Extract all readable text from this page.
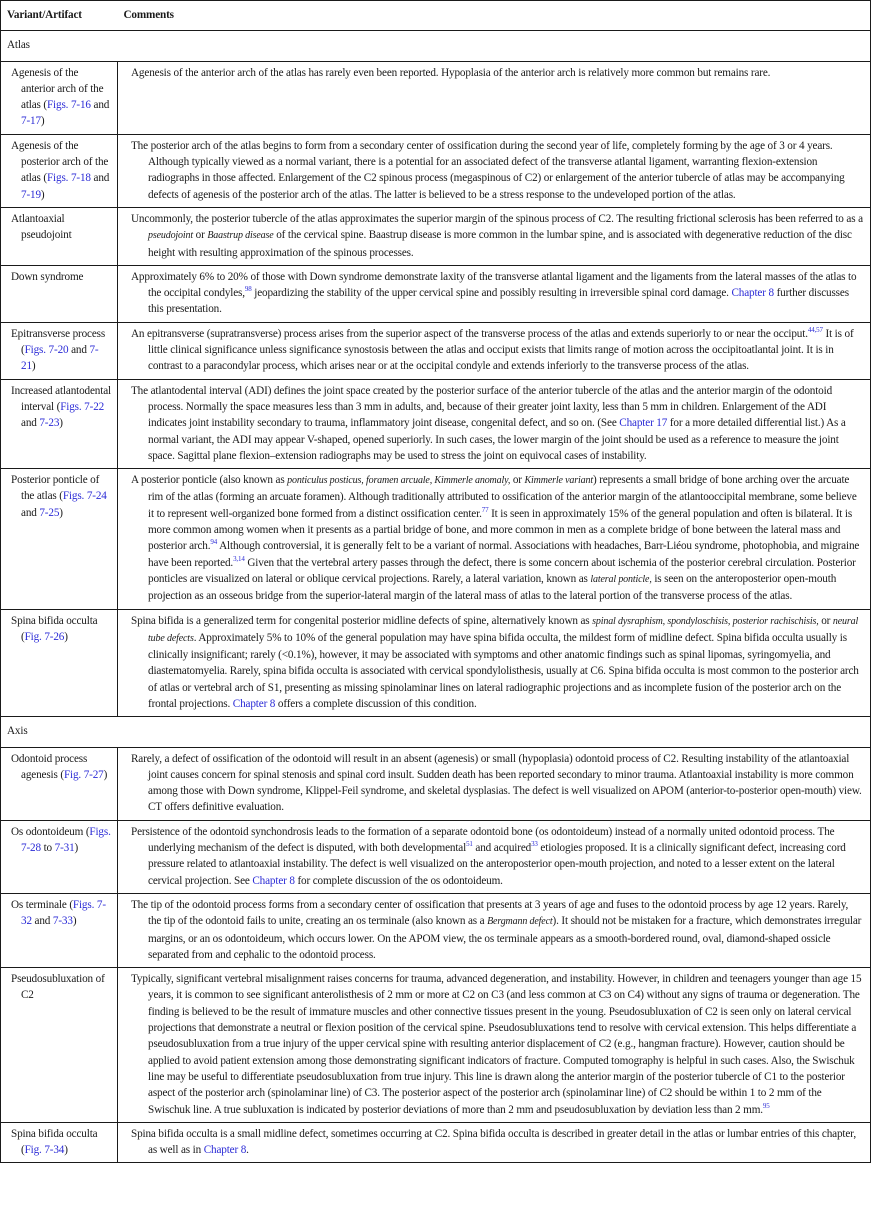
Variant/Artifact	Comments
Atlas	

Agenesis of the anterior arch of the atlas (Figs. 7-16 and 7-17)	Agenesis of the anterior arch of the atlas has rarely even been reported. Hypoplasia of the anterior arch is relatively more common but remains rare.

Agenesis of the posterior arch of the atlas (Figs. 7-18 and 7-19)	The posterior arch of the atlas begins to form from a secondary center of ossification during the second year of life, completely forming by the age of 3 or 4 years. Although typically viewed as a normal variant, there is a potential for an associated defect of the transverse atlantal ligament, warranting flexion-extension radiographs in those affected. Enlargement of the C2 spinous process (megaspinous of C2) or enlargement of the anterior tubercle of atlas may be accompanying defects of agenesis of the posterior arch of the atlas. The latter is believed to be a stress response to the undeveloped portion of the atlas.

Atlantoaxial pseudojoint	Uncommonly, the posterior tubercle of the atlas approximates the superior margin of the spinous process of C2. The resulting frictional sclerosis has been referred to as a pseudojoint or Baastrup disease of the cervical spine. Baastrup disease is more common in the lumbar spine, and is associated with degenerative reduction of the disc height with resulting approximation of the spinous processes.

Down syndrome	Approximately 6% to 20% of those with Down syndrome demonstrate laxity of the transverse atlantal ligament and the ligaments from the lateral masses of the atlas to the occipital condyles,$^{98}$ jeopardizing the stability of the upper cervical spine and possibly resulting in irreversible spinal cord damage. Chapter 8 further discusses this presentation.

Epitransverse process (Figs. 7-20 and 7-21)	An epitransverse (supratransverse) process arises from the superior aspect of the transverse process of the atlas and extends superiorly to or near the occiput.$^{44,57}$ It is of little clinical significance unless significance synostosis between the atlas and occiput exists that limits range of motion across the occipitoatlantal joint. It is in contrast to a paracondylar process, which arises near or at the occipital condyle and extends inferiorly to the transverse process of the atlas.

Increased atlantodental interval (Figs. 7-22 and 7-23)	The atlantodental interval (ADI) defines the joint space created by the posterior surface of the anterior tubercle of the atlas and the anterior margin of the odontoid process. Normally the space measures less than 3 mm in adults, and, because of their greater joint laxity, less than 5 mm in children. Enlargement of the ADI indicates joint instability secondary to trauma, inflammatory joint disease, congenital defect, and so on. (See Chapter 17 for a more detailed differential list.) As a normal variant, the ADI may appear V-shaped, opened superiorly. In such cases, the lower margin of the joint should be used as a reference to measure the joint space. Sagittal plane flexion–extension radiographs may be used to stress the joint on equivocal cases of instability.

Posterior ponticle of the atlas (Figs. 7-24 and 7-25)	A posterior ponticle (also known as ponticulus posticus, foramen arcuale, Kimmerle anomaly, or Kimmerle variant) represents a small bridge of bone arching over the arcuate rim of the atlas (forming an arcuate foramen). Although traditionally attributed to ossification of the anterior margin of the atlantooccipital membrane, some believe it to represent well-organized bone formed from a distinct ossification center.$^{77}$ It is seen in approximately 15% of the general population and often is bilateral. It is more common among women when it presents as a partial bridge of bone, and more common in men as a complete bridge of bone between the lateral mass and posterior arch.$^{94}$ Although controversial, it is generally felt to be a variant of normal. Associations with headaches, Barr-Liéou syndrome, photophobia, and migraine have been reported.$^{3,14}$ Given that the vertebral artery passes through the defect, there is some concern about ischemia of the posterior cerebral circulation. Posterior ponticles are visualized on lateral or oblique cervical projections. Rarely, a lateral variation, known as lateral ponticle, is seen on the anteroposterior open-mouth projection as an osseous bridge from the superior-lateral margin of the lateral mass of atlas to the lateral portion of the transverse process of the atlas.

Spina bifida occulta (Fig. 7-26)	Spina bifida is a generalized term for congenital posterior midline defects of spine, alternatively known as spinal dysraphism, spondyloschisis, posterior rachischisis, or neural tube defects. Approximately 5% to 10% of the general population may have spina bifida occulta, the mildest form of midline defect. Spina bifida occulta usually is clinically insignificant; rarely (<0.1%), however, it may be associated with symptoms and other anatomic findings such as spinal lipomas, syringomyelia, and diastematomyelia. Rarely, spina bifida occulta is associated with cervical spondylolisthesis, usually at C6. Spina bifida occulta is most common to the posterior arch of atlas or vertebral arch of S1, presenting as missing spinolaminar lines on lateral radiographic projections and as incomplete fusion of the posterior arch on the frontal projections. Chapter 8 offers a complete discussion of this condition.

Axis	

Odontoid process agenesis (Fig. 7-27)	Rarely, a defect of ossification of the odontoid will result in an absent (agenesis) or small (hypoplasia) odontoid process of C2. Resulting instability of the atlantoaxial joint causes concern for spinal stenosis and spinal cord insult. Sudden death has been reported secondary to minor trauma. Atlantoaxial instability is more common among those with Down syndrome, Klippel-Feil syndrome, and skeletal dysplasias. The defect is well visualized on APOM (anterior-to-posterior open-mouth) view. CT offers definitive evaluation.

Os odontoideum (Figs. 7-28 to 7-31)	Persistence of the odontoid synchondrosis leads to the formation of a separate odontoid bone (os odontoideum) instead of a normally united odontoid process. The underlying mechanism of the defect is disputed, with both developmental$^{51}$ and acquired$^{33}$ etiologies proposed. It is a clinically significant defect, increasing cord pressure related to atlantoaxial instability. The defect is well visualized on the anteroposterior open-mouth projection, and noted to a lesser extent on the lateral cervical projection. See Chapter 8 for complete discussion of the os odontoideum.

Os terminale (Figs. 7-32 and 7-33)	The tip of the odontoid process forms from a secondary center of ossification that presents at 3 years of age and fuses to the odontoid process by age 12 years. Rarely, the tip of the odontoid fails to unite, creating an os terminale (also known as a Bergmann defect). It should not be mistaken for a fracture, which demonstrates irregular margins, or an os odontoideum, which occurs lower. On the APOM view, the os terminale appears as a smooth-bordered round, oval, diamond-shaped ossicle separated from and cephalic to the odontoid process.

Pseudosubluxation of C2	Typically, significant vertebral misalignment raises concerns for trauma, advanced degeneration, and instability. However, in children and teenagers younger than age 15 years, it is common to see significant anterolisthesis of 2 mm or more at C2 on C3 (and less common at C3 on C4) without any signs of trauma or degeneration. The finding is believed to be the result of immature muscles and other connective tissues present in the young. Pseudosubluxation of C2 is seen only on lateral cervical projections that demonstrate a neutral or flexion position of the cervical spine. Pseudosubluxations tend to resolve with cervical extension. This helps differentiate a pseudosubluxation from a true injury of the upper cervical spine with resulting anterior displacement of C2 (e.g., hangman fracture). However, caution should be applied to avoid patient extension among those demonstrating significant indicators of fracture. Computed tomography is helpful in such cases. Also, the Swischuk line may be useful to differentiate pseudosubluxation from true injury. This line is drawn along the anterior margin of the posterior tubercle of C1 to the posterior aspect of the posterior arch (spinolaminar line) of C3. The posterior aspect of the posterior arch (spinolaminar line) of C2 should be within 1 to 2 mm of the Swischuk line. A true subluxation is indicated by posterior deviations of more than 2 mm and pseudosubluxation by deviation less than 2 mm.$^{95}$

Spina bifida occulta (Fig. 7-34)	Spina bifida occulta is a small midline defect, sometimes occurring at C2. Spina bifida occulta is described in greater detail in the atlas or lumbar entries of this chapter, as well as in Chapter 8.
